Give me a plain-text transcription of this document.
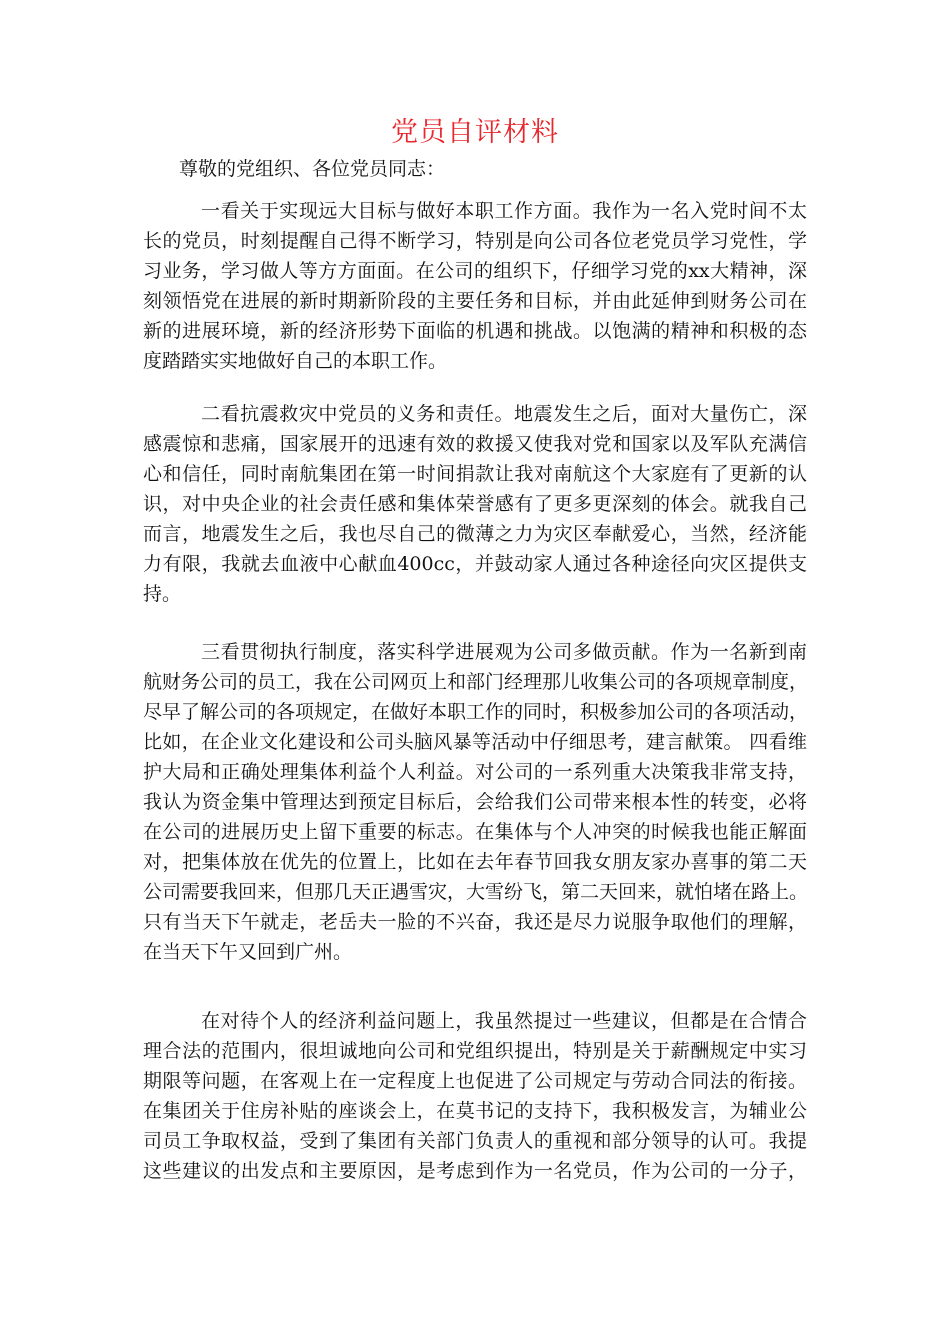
党员自评材料

尊敬的党组织、各位党员同志：

一看关于实现远大目标与做好本职工作方面。我作为一名入党时间不太
长的党员，时刻提醒自己得不断学习，特别是向公司各位老党员学习党性，学
习业务，学习做人等方方面面。在公司的组织下，仔细学习党的xx大精神，深
刻领悟党在进展的新时期新阶段的主要任务和目标，并由此延伸到财务公司在
新的进展环境，新的经济形势下面临的机遇和挑战。以饱满的精神和积极的态
度踏踏实实地做好自己的本职工作。
二看抗震救灾中党员的义务和责任。地震发生之后，面对大量伤亡，深
感震惊和悲痛，国家展开的迅速有效的救援又使我对党和国家以及军队充满信
心和信任，同时南航集团在第一时间捐款让我对南航这个大家庭有了更新的认
识，对中央企业的社会责任感和集体荣誉感有了更多更深刻的体会。就我自己
而言，地震发生之后，我也尽自己的微薄之力为灾区奉献爱心，当然，经济能
力有限，我就去血液中心献血400cc，并鼓动家人通过各种途径向灾区提供支
持。
三看贯彻执行制度，落实科学进展观为公司多做贡献。作为一名新到南
航财务公司的员工，我在公司网页上和部门经理那儿收集公司的各项规章制度，
尽早了解公司的各项规定，在做好本职工作的同时，积极参加公司的各项活动，
比如，在企业文化建设和公司头脑风暴等活动中仔细思考，建言献策。 四看维
护大局和正确处理集体利益个人利益。对公司的一系列重大决策我非常支持，
我认为资金集中管理达到预定目标后，会给我们公司带来根本性的转变，必将
在公司的进展历史上留下重要的标志。在集体与个人冲突的时候我也能正解面
对，把集体放在优先的位置上，比如在去年春节回我女朋友家办喜事的第二天
公司需要我回来，但那几天正遇雪灾，大雪纷飞，第二天回来，就怕堵在路上。
只有当天下午就走，老岳夫一脸的不兴奋，我还是尽力说服争取他们的理解，
在当天下午又回到广州。
在对待个人的经济利益问题上，我虽然提过一些建议，但都是在合情合
理合法的范围内，很坦诚地向公司和党组织提出，特别是关于薪酬规定中实习
期限等问题，在客观上在一定程度上也促进了公司规定与劳动合同法的衔接。
在集团关于住房补贴的座谈会上，在莫书记的支持下，我积极发言，为辅业公
司员工争取权益，受到了集团有关部门负责人的重视和部分领导的认可。我提
这些建议的出发点和主要原因，是考虑到作为一名党员，作为公司的一分子，
